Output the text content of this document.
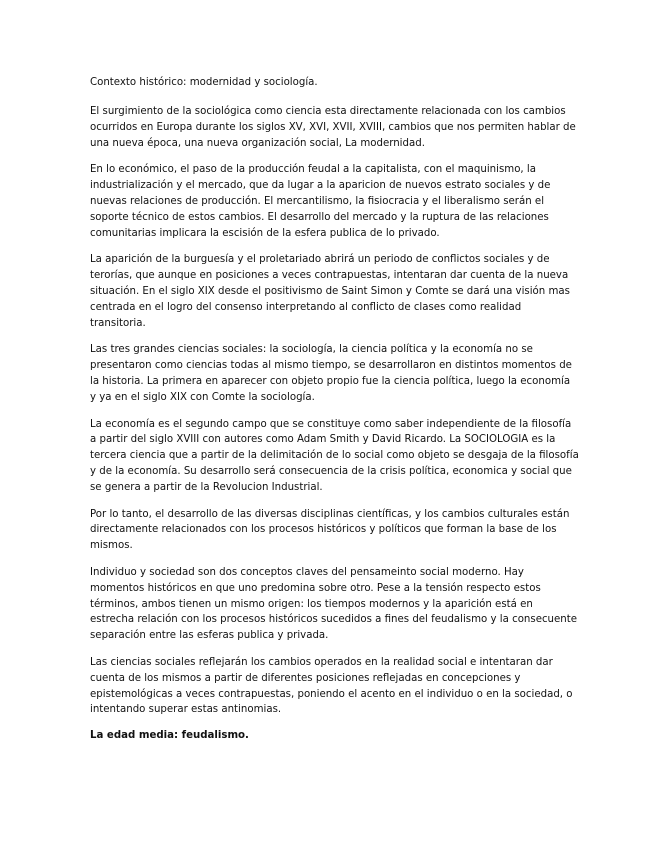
Contexto histórico: modernidad y sociología.

El surgimiento de la sociológica como ciencia esta directamente relacionada con los cambios ocurridos en Europa durante los siglos XV, XVI, XVII, XVIII, cambios que nos permiten hablar de una nueva época, una nueva organización social, La modernidad.

En lo económico, el paso de la producción feudal a la capitalista, con el maquinismo, la industrialización y el mercado, que da lugar a la aparicion de nuevos estrato sociales y de nuevas relaciones de producción. El mercantilismo, la fisiocracia y el liberalismo serán el soporte técnico de estos cambios. El desarrollo del mercado y la ruptura de las relaciones comunitarias implicara la escisión de la esfera publica de lo privado.

La aparición de la burguesía y el proletariado abrirá un periodo de conflictos sociales y de terorías, que aunque en posiciones a veces contrapuestas, intentaran dar cuenta de la nueva situación. En el siglo XIX desde el positivismo de Saint Simon y Comte se dará una visión mas centrada en el logro del consenso interpretando al conflicto de clases como realidad transitoria.

Las tres grandes ciencias sociales: la sociología, la ciencia política y la economía no se presentaron como ciencias todas al mismo tiempo, se desarrollaron en distintos momentos de la historia. La primera en aparecer con objeto propio fue la ciencia política, luego la economía y ya en el siglo XIX con Comte la sociología.

La economía es el segundo campo que se constituye como saber independiente de la filosofía a partir del siglo XVIII con autores como Adam Smith y David Ricardo. La SOCIOLOGIA es la tercera ciencia que a partir de la delimitación de lo social como objeto se desgaja de la filosofía y de la economía. Su desarrollo será consecuencia de la crisis política, economica y social que se genera a partir de la Revolucion Industrial.

Por lo tanto, el desarrollo de las diversas disciplinas científicas, y los cambios culturales están directamente relacionados con los procesos históricos y políticos que forman la base de los mismos.

Individuo y sociedad son dos conceptos claves del pensameinto social moderno. Hay momentos históricos en que uno predomina sobre otro. Pese a la tensión respecto estos términos, ambos tienen un mismo origen: los tiempos modernos y la aparición está en estrecha relación con los procesos históricos sucedidos a fines del feudalismo y la consecuente separación entre las esferas publica y privada.

Las ciencias sociales reflejarán los cambios operados en la realidad social e intentaran dar cuenta de los mismos a partir de diferentes posiciones reflejadas en concepciones y epistemológicas a veces contrapuestas, poniendo el acento en el individuo o en la sociedad, o intentando superar estas antinomias.

La edad media: feudalismo.
